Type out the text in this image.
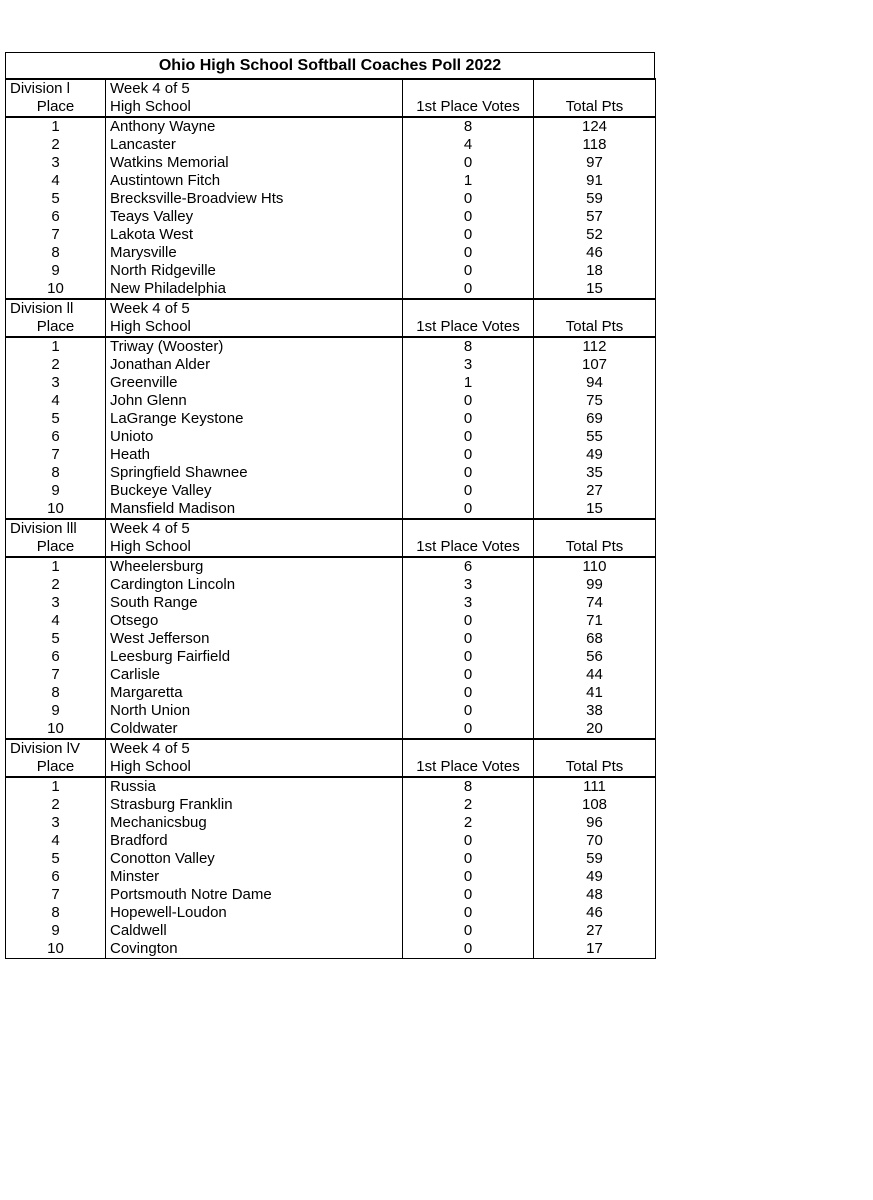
Ohio High School Softball Coaches Poll 2022
Division l	Week 4 of 5		
Place	High School	1st Place Votes	Total Pts
1	Anthony Wayne	8	124
2	Lancaster	4	118
3	Watkins Memorial	0	97
4	Austintown Fitch	1	91
5	Brecksville-Broadview Hts	0	59
6	Teays Valley	0	57
7	Lakota West	0	52
8	Marysville	0	46
9	North Ridgeville	0	18
10	New Philadelphia	0	15
Division ll	Week 4 of 5		
Place	High School	1st Place Votes	Total Pts
1	Triway (Wooster)	8	112
2	Jonathan Alder	3	107
3	Greenville	1	94
4	John Glenn	0	75
5	LaGrange Keystone	0	69
6	Unioto	0	55
7	Heath	0	49
8	Springfield Shawnee	0	35
9	Buckeye Valley	0	27
10	Mansfield Madison	0	15
Division lll	Week 4 of 5		
Place	High School	1st Place Votes	Total Pts
1	Wheelersburg	6	110
2	Cardington Lincoln	3	99
3	South Range	3	74
4	Otsego	0	71
5	West Jefferson	0	68
6	Leesburg Fairfield	0	56
7	Carlisle	0	44
8	Margaretta	0	41
9	North Union	0	38
10	Coldwater	0	20
Division lV	Week 4 of 5		
Place	High School	1st Place Votes	Total Pts
1	Russia	8	111
2	Strasburg Franklin	2	108
3	Mechanicsbug	2	96
4	Bradford	0	70
5	Conotton Valley	0	59
6	Minster	0	49
7	Portsmouth Notre Dame	0	48
8	Hopewell-Loudon	0	46
9	Caldwell	0	27
10	Covington	0	17
